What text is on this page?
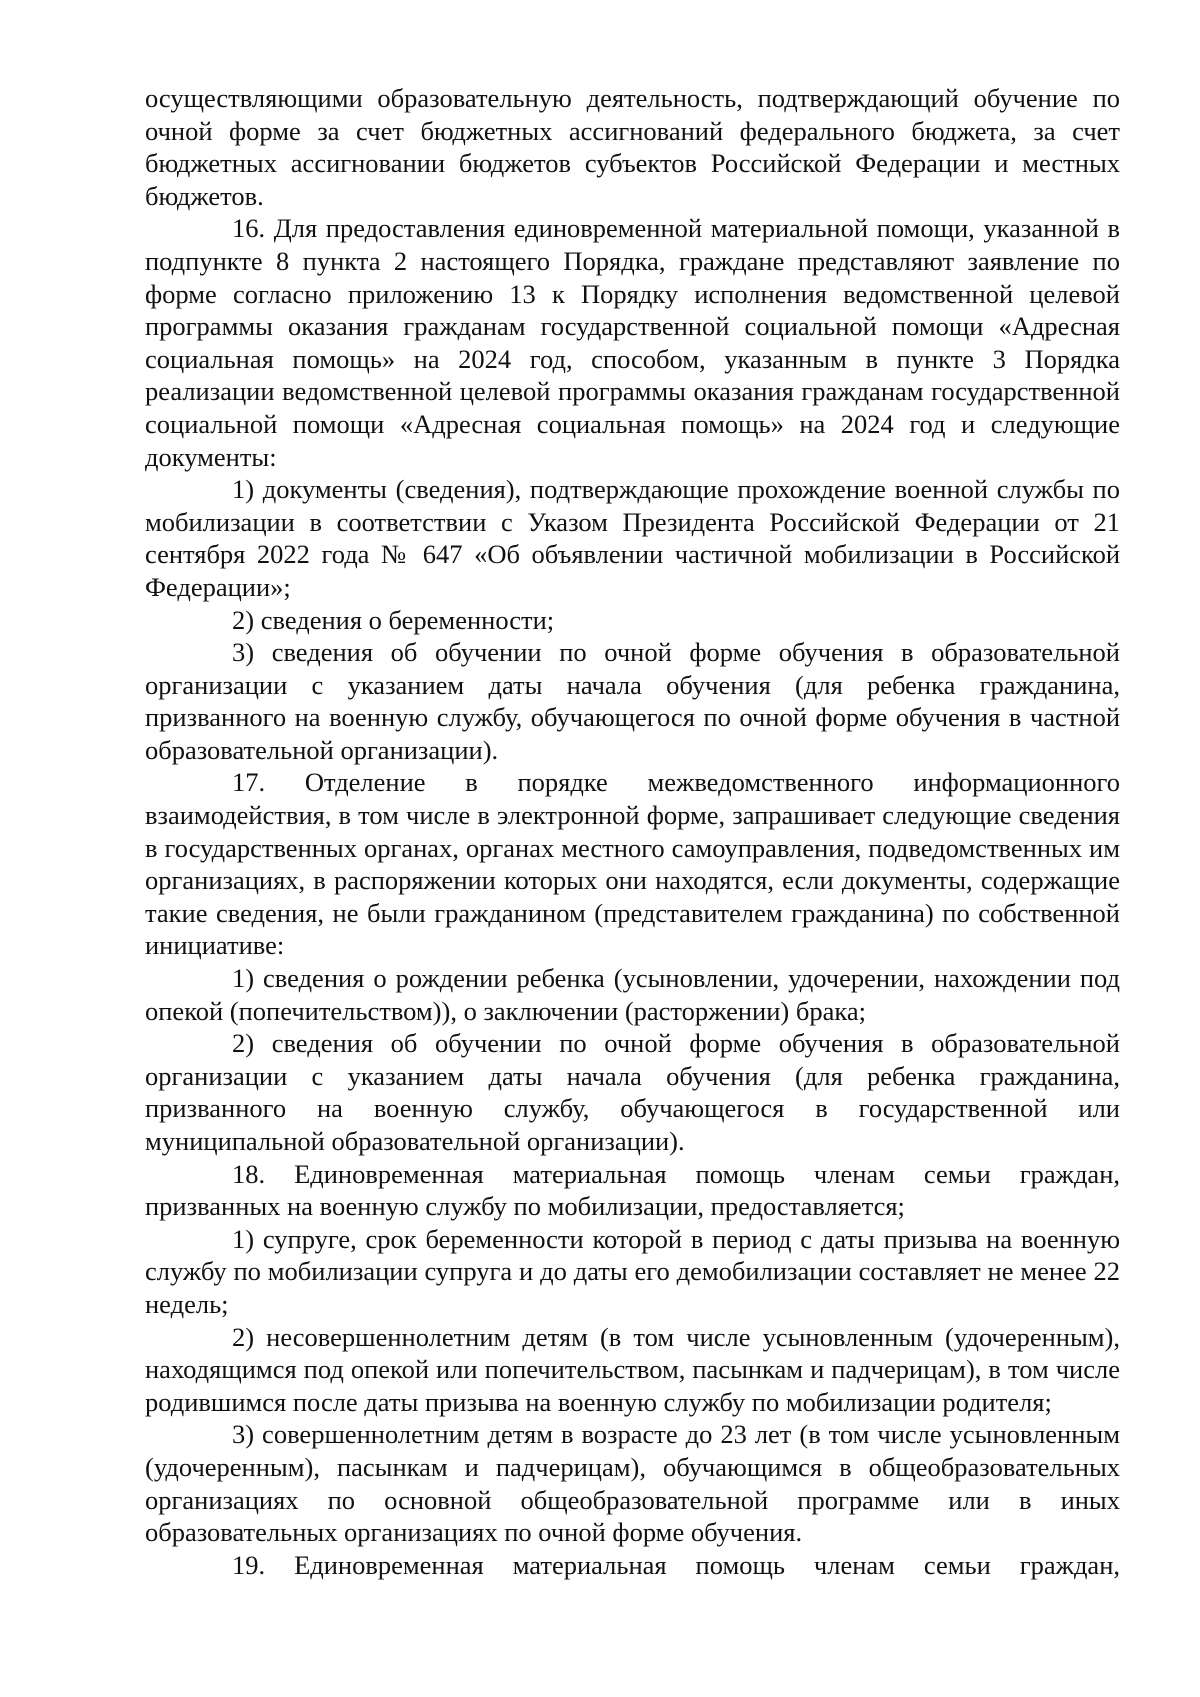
осуществляющими образовательную деятельность, подтверждающий обучение по очной форме за счет бюджетных ассигнований федерального бюджета, за счет бюджетных ассигновании бюджетов субъектов Российской Федерации и местных бюджетов.

16. Для предоставления единовременной материальной помощи, указанной в подпункте 8 пункта 2 настоящего Порядка, граждане представляют заявление по форме согласно приложению 13 к Порядку исполнения ведомственной целевой программы оказания гражданам государственной социальной помощи «Адресная социальная помощь» на 2024 год, способом, указанным в пункте 3 Порядка реализации ведомственной целевой программы оказания гражданам государственной социальной помощи «Адресная социальная помощь» на 2024 год и следующие документы:

1) документы (сведения), подтверждающие прохождение военной службы по мобилизации в соответствии с Указом Президента Российской Федерации от 21 сентября 2022 года № 647 «Об объявлении частичной мобилизации в Российской Федерации»;

2) сведения о беременности;

3) сведения об обучении по очной форме обучения в образовательной организации с указанием даты начала обучения (для ребенка гражданина, призванного на военную службу, обучающегося по очной форме обучения в частной образовательной организации).

17. Отделение в порядке межведомственного информационного взаимодействия, в том числе в электронной форме, запрашивает следующие сведения в государственных органах, органах местного самоуправления, подведомственных им организациях, в распоряжении которых они находятся, если документы, содержащие такие сведения, не были гражданином (представителем гражданина) по собственной инициативе:

1) сведения о рождении ребенка (усыновлении, удочерении, нахождении под опекой (попечительством)), о заключении (расторжении) брака;

2) сведения об обучении по очной форме обучения в образовательной организации с указанием даты начала обучения (для ребенка гражданина, призванного на военную службу, обучающегося в государственной или муниципальной образовательной организации).

18. Единовременная материальная помощь членам семьи граждан, призванных на военную службу по мобилизации, предоставляется;

1) супруге, срок беременности которой в период с даты призыва на военную службу по мобилизации супруга и до даты его демобилизации составляет не менее 22 недель;

2) несовершеннолетним детям (в том числе усыновленным (удочеренным), находящимся под опекой или попечительством, пасынкам и падчерицам), в том числе родившимся после даты призыва на военную службу по мобилизации родителя;

3) совершеннолетним детям в возрасте до 23 лет (в том числе усыновленным (удочеренным), пасынкам и падчерицам), обучающимся в общеобразовательных организациях по основной общеобразовательной программе или в иных образовательных организациях по очной форме обучения.

19. Единовременная материальная помощь членам семьи граждан,
